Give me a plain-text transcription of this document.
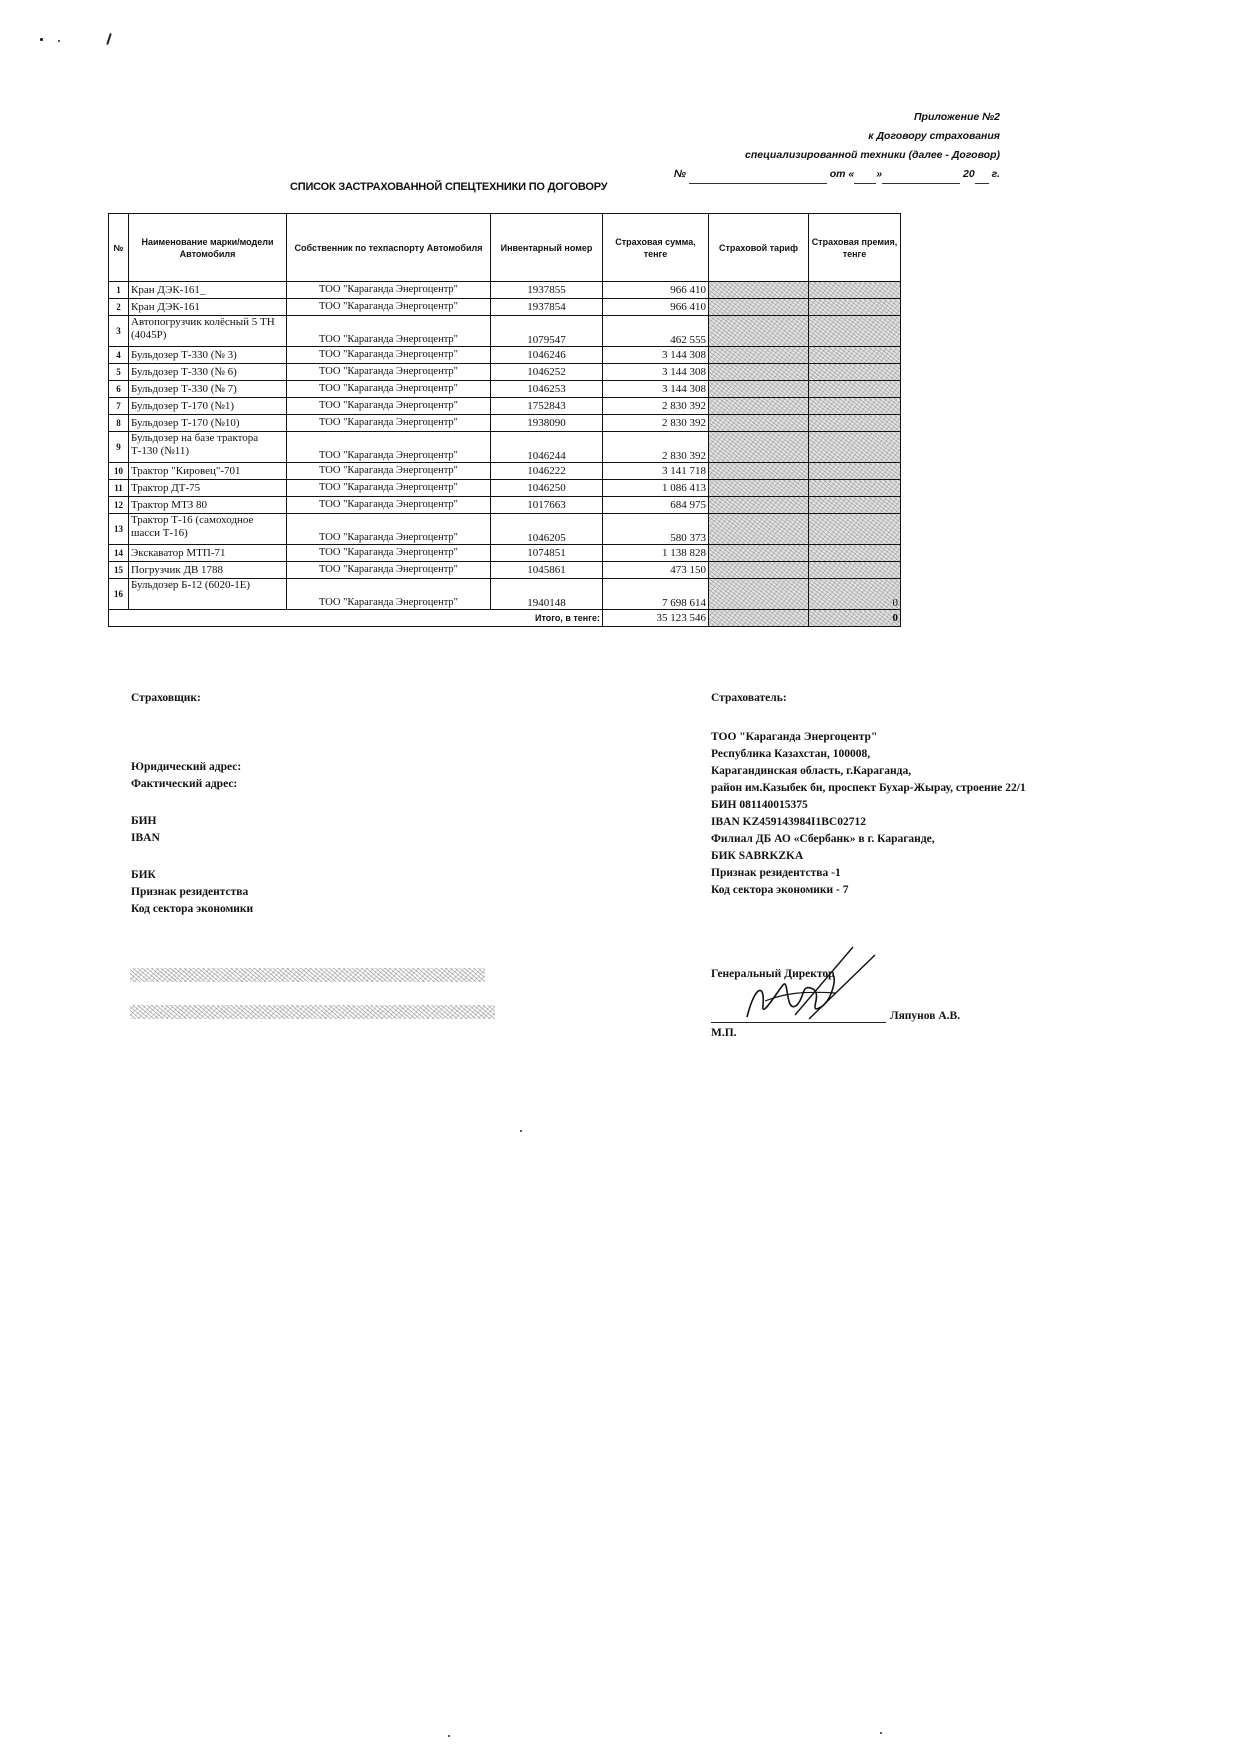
Приложение №2
к Договору страхования
специализированной техники (далее - Договор)
№	от « »	20 г.
СПИСОК ЗАСТРАХОВАННОЙ СПЕЦТЕХНИКИ ПО ДОГОВОРУ
№	Наименование марки/модели Автомобиля	Собственник по техпаспорту Автомобиля	Инвентарный номер	Страховая сумма, тенге	Страховой тариф	Страховая премия, тенге
1	Кран ДЭК-161_	ТОО "Караганда Энергоцентр"	1937855	966 410		
2	Кран ДЭК-161	ТОО "Караганда Энергоцентр"	1937854	966 410		
3	Автопогрузчик колёсный 5 ТН (4045Р)	ТОО "Караганда Энергоцентр"	1079547	462 555		
4	Бульдозер Т-330 (№ 3)	ТОО "Караганда Энергоцентр"	1046246	3 144 308		
5	Бульдозер Т-330 (№ 6)	ТОО "Караганда Энергоцентр"	1046252	3 144 308		
6	Бульдозер Т-330 (№ 7)	ТОО "Караганда Энергоцентр"	1046253	3 144 308		
7	Бульдозер Т-170 (№1)	ТОО "Караганда Энергоцентр"	1752843	2 830 392		
8	Бульдозер Т-170 (№10)	ТОО "Караганда Энергоцентр"	1938090	2 830 392		
9	Бульдозер на базе трактора Т-130 (№11)	ТОО "Караганда Энергоцентр"	1046244	2 830 392		
10	Трактор "Кировец"-701	ТОО "Караганда Энергоцентр"	1046222	3 141 718		
11	Трактор ДТ-75	ТОО "Караганда Энергоцентр"	1046250	1 086 413		
12	Трактор МТЗ 80	ТОО "Караганда Энергоцентр"	1017663	684 975		
13	Трактор Т-16 (самоходное шасси Т-16)	ТОО "Караганда Энергоцентр"	1046205	580 373		
14	Экскаватор МТП-71	ТОО "Караганда Энергоцентр"	1074851	1 138 828		
15	Погрузчик ДВ 1788	ТОО "Караганда Энергоцентр"	1045861	473 150		
16	Бульдозер Б-12 (6020-1Е)	ТОО "Караганда Энергоцентр"	1940148	7 698 614		0
			Итого, в тенге:	35 123 546		0
Страховщик:
Юридический адрес:
Фактический адрес:
БИН
IBAN
БИК
Признак резидентства
Код сектора экономики
Страхователь:
ТОО "Караганда Энергоцентр"
Республика Казахстан, 100008,
Карагандинская область, г.Караганда,
район им.Казыбек би, проспект Бухар-Жырау, строение 22/1
БИН 081140015375
IBAN KZ459143984I1BC02712
Филиал ДБ АО «Сбербанк» в г. Караганде,
БИК SABRKZKA
Признак резидентства -1
Код сектора экономики - 7
Генеральный Директор
Ляпунов А.В.
М.П.
